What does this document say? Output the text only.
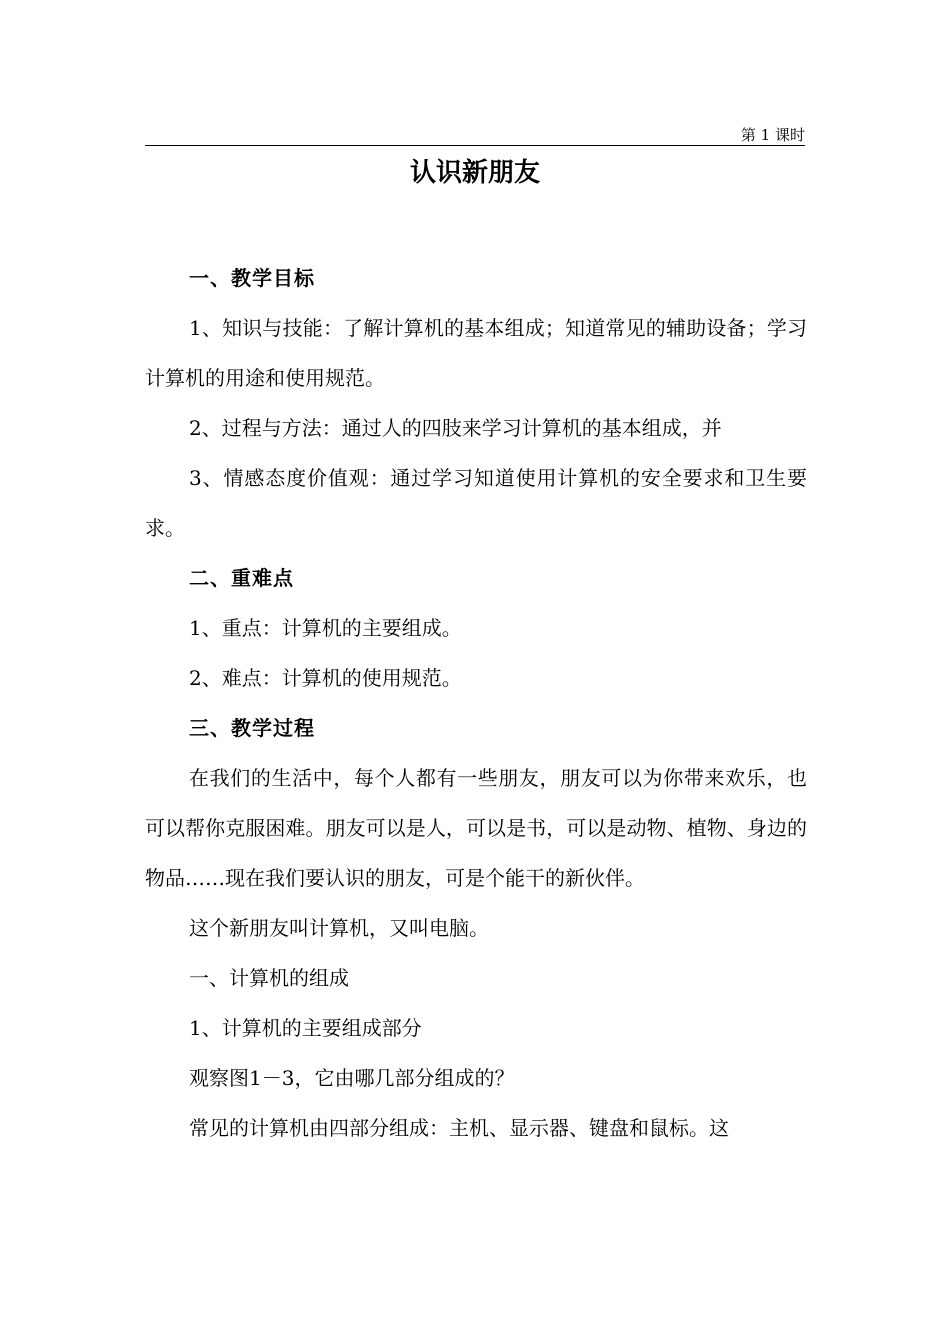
第 1 课时
认识新朋友

一、教学目标

1、知识与技能：了解计算机的基本组成；知道常见的辅助设备；学习计算机的用途和使用规范。

2、过程与方法：通过人的四肢来学习计算机的基本组成，并

3、情感态度价值观：通过学习知道使用计算机的安全要求和卫生要求。

二、重难点

1、重点：计算机的主要组成。

2、难点：计算机的使用规范。

三、教学过程

在我们的生活中，每个人都有一些朋友，朋友可以为你带来欢乐，也可以帮你克服困难。朋友可以是人，可以是书，可以是动物、植物、身边的物品……现在我们要认识的朋友，可是个能干的新伙伴。

这个新朋友叫计算机，又叫电脑。

一、计算机的组成

1、计算机的主要组成部分

观察图1－3，它由哪几部分组成的？

常见的计算机由四部分组成：主机、显示器、键盘和鼠标。这
